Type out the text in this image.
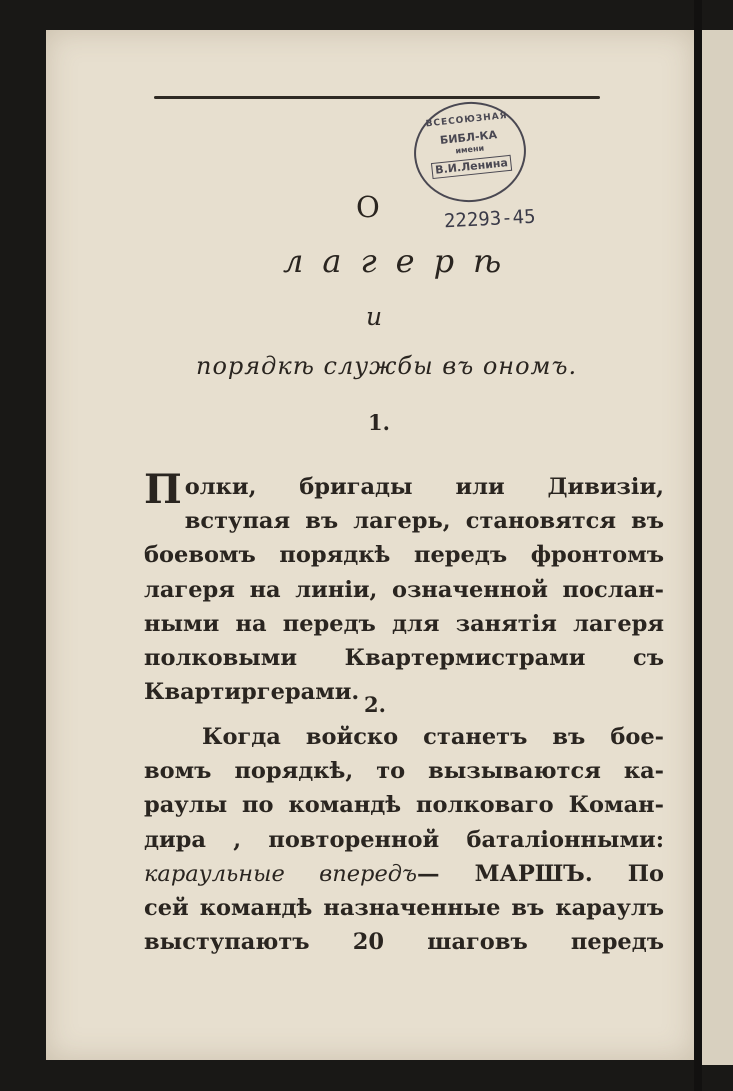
ВСЕСОЮЗНАЯ
БИБЛ-КА
имени
В.И.Ленина
22293-45
О
лагерѣ
и
порядкѣ службы въ ономъ.
1.
П олки, бригады или Дивизіи,
вступая въ лагерь, становятся въ
боевомъ порядкѣ передъ фронтомъ
лагеря на линіи, означенной послан-
ными на передъ для занятія лагеря
полковыми Квартермистрами съ
Квартиргерами. 2.
Когда войско станетъ въ бое-
вомъ порядкѣ, то вызываются ка-
раулы по командѣ полковаго Коман-
дира , повторенной баталіонными:
караульные впередъ— МАРШЪ. По
сей командѣ назначенные въ караулъ
выступаютъ 20 шаговъ передъ
